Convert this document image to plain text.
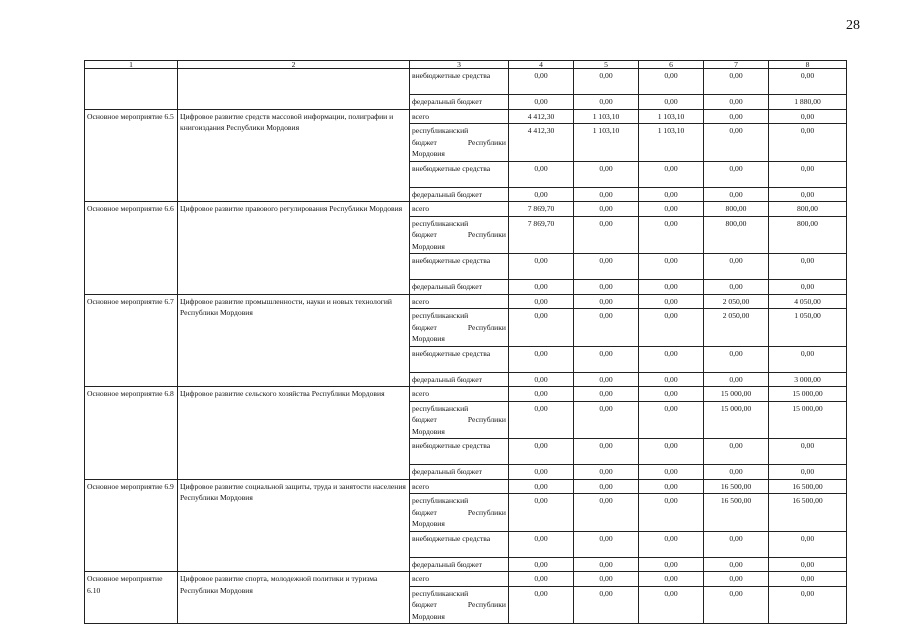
28
1	2	3	4	5	6	7	8
		внебюджетные средства	0,00	0,00	0,00	0,00	0,00
		федеральный бюджет	0,00	0,00	0,00	0,00	1 880,00
Основное мероприятие 6.5	Цифровое развитие средств массовой информации, полиграфии и книгоиздания Республики Мордовия	всего	4 412,30	1 103,10	1 103,10	0,00	0,00

		республиканский
бюджет Республики
Мордовия	4 412,30	1 103,10	1 103,10	0,00	0,00
		внебюджетные средства	0,00	0,00	0,00	0,00	0,00
		федеральный бюджет	0,00	0,00	0,00	0,00	0,00
Основное мероприятие 6.6	Цифровое развитие правового регулирования Республики Мордовия	всего	7 869,70	0,00	0,00	800,00	800,00

		республиканский
бюджет Республики
Мордовия	7 869,70	0,00	0,00	800,00	800,00
		внебюджетные средства	0,00	0,00	0,00	0,00	0,00
		федеральный бюджет	0,00	0,00	0,00	0,00	0,00
Основное мероприятие 6.7	Цифровое развитие промышленности, науки и новых технологий Республики Мордовия	всего	0,00	0,00	0,00	2 050,00	4 050,00

		республиканский
бюджет Республики
Мордовия	0,00	0,00	0,00	2 050,00	1 050,00
		внебюджетные средства	0,00	0,00	0,00	0,00	0,00
		федеральный бюджет	0,00	0,00	0,00	0,00	3 000,00
Основное мероприятие 6.8	Цифровое развитие сельского хозяйства Республики Мордовия	всего	0,00	0,00	0,00	15 000,00	15 000,00

		республиканский
бюджет Республики
Мордовия	0,00	0,00	0,00	15 000,00	15 000,00
		внебюджетные средства	0,00	0,00	0,00	0,00	0,00
		федеральный бюджет	0,00	0,00	0,00	0,00	0,00
Основное мероприятие 6.9	Цифровое развитие социальной защиты, труда и занятости населения Республики Мордовия	всего	0,00	0,00	0,00	16 500,00	16 500,00

		республиканский
бюджет Республики
Мордовия	0,00	0,00	0,00	16 500,00	16 500,00
		внебюджетные средства	0,00	0,00	0,00	0,00	0,00
		федеральный бюджет	0,00	0,00	0,00	0,00	0,00
Основное мероприятие 6.10	Цифровое развитие спорта, молодежной политики и туризма Республики Мордовия	всего	0,00	0,00	0,00	0,00	0,00

		республиканский
бюджет Республики
Мордовия	0,00	0,00	0,00	0,00	0,00
